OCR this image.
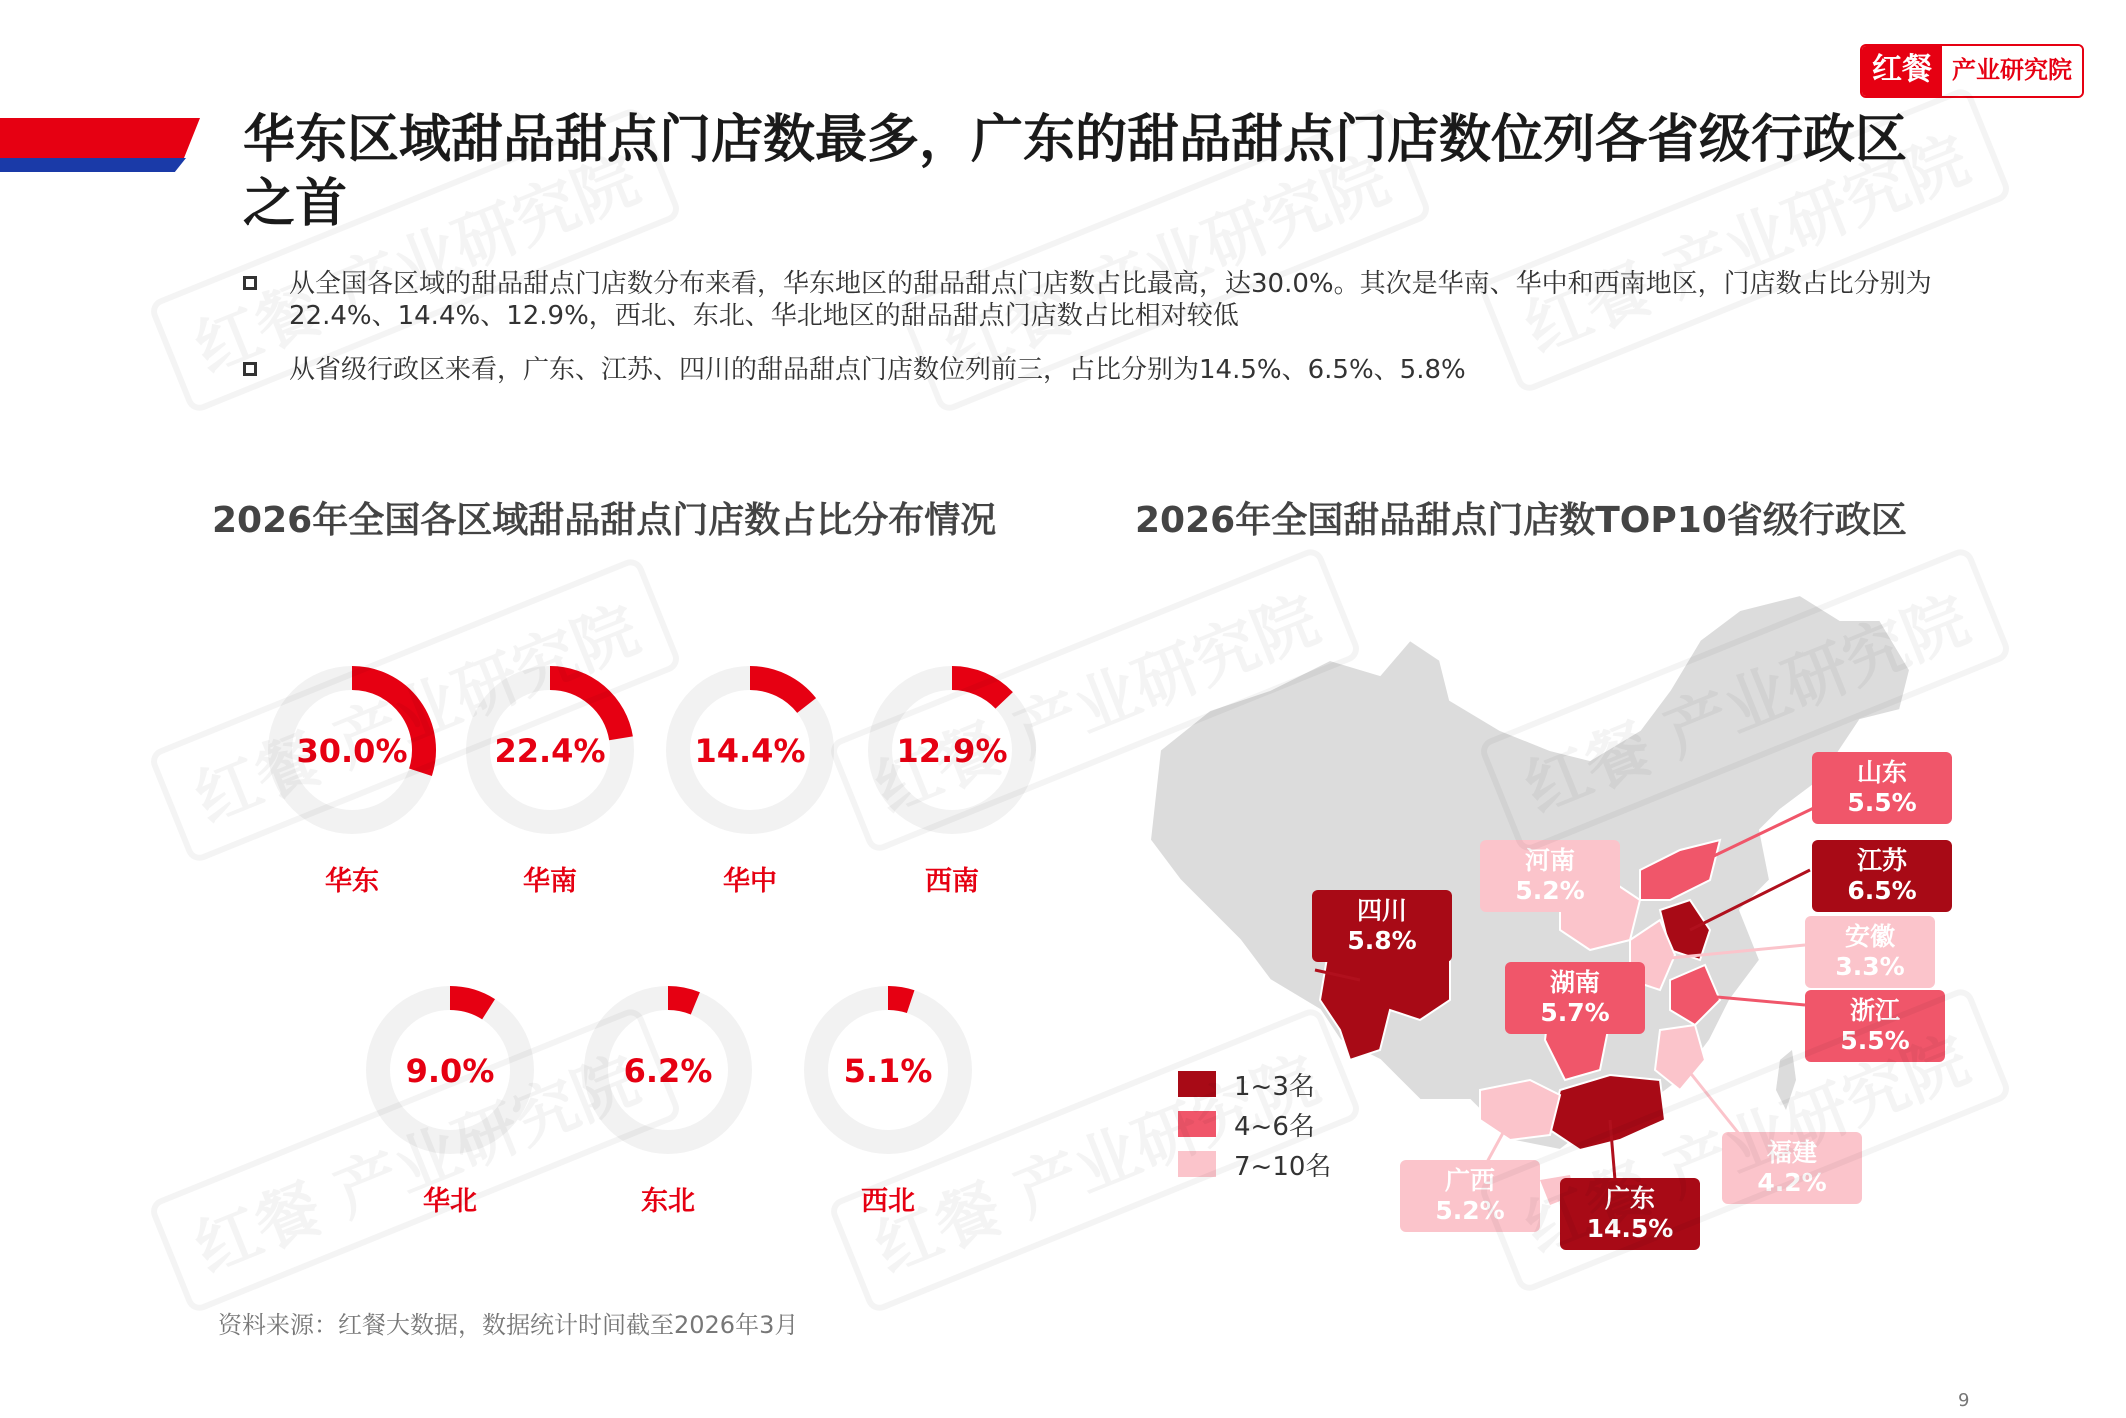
红餐 产业研究院
华东区域甜品甜点门店数最多，广东的甜品甜点门店数位列各省级行政区之首
从全国各区域的甜品甜点门店数分布来看，华东地区的甜品甜点门店数占比最高，达30.0%。其次是华南、华中和西南地区，门店数占比分别为22.4%、14.4%、12.9%，西北、东北、华北地区的甜品甜点门店数占比相对较低
从省级行政区来看，广东、江苏、四川的甜品甜点门店数位列前三，占比分别为14.5%、6.5%、5.8%
2026年全国各区域甜品甜点门店数占比分布情况
30.0%
华东
22.4%
华南
14.4%
华中
12.9%
西南
9.0%
华北
6.2%
东北
5.1%
西北
2026年全国甜品甜点门店数TOP10省级行政区
四川
5.8%
河南
5.2%
山东
5.5%
江苏
6.5%
安徽
3.3%
湖南
5.7%	浙江
5.5%
福建
4.2%
广西
5.2%	广东
14.5%
1~3名
4~6名
7~10名
资料来源：红餐大数据，数据统计时间截至2026年3月
9
